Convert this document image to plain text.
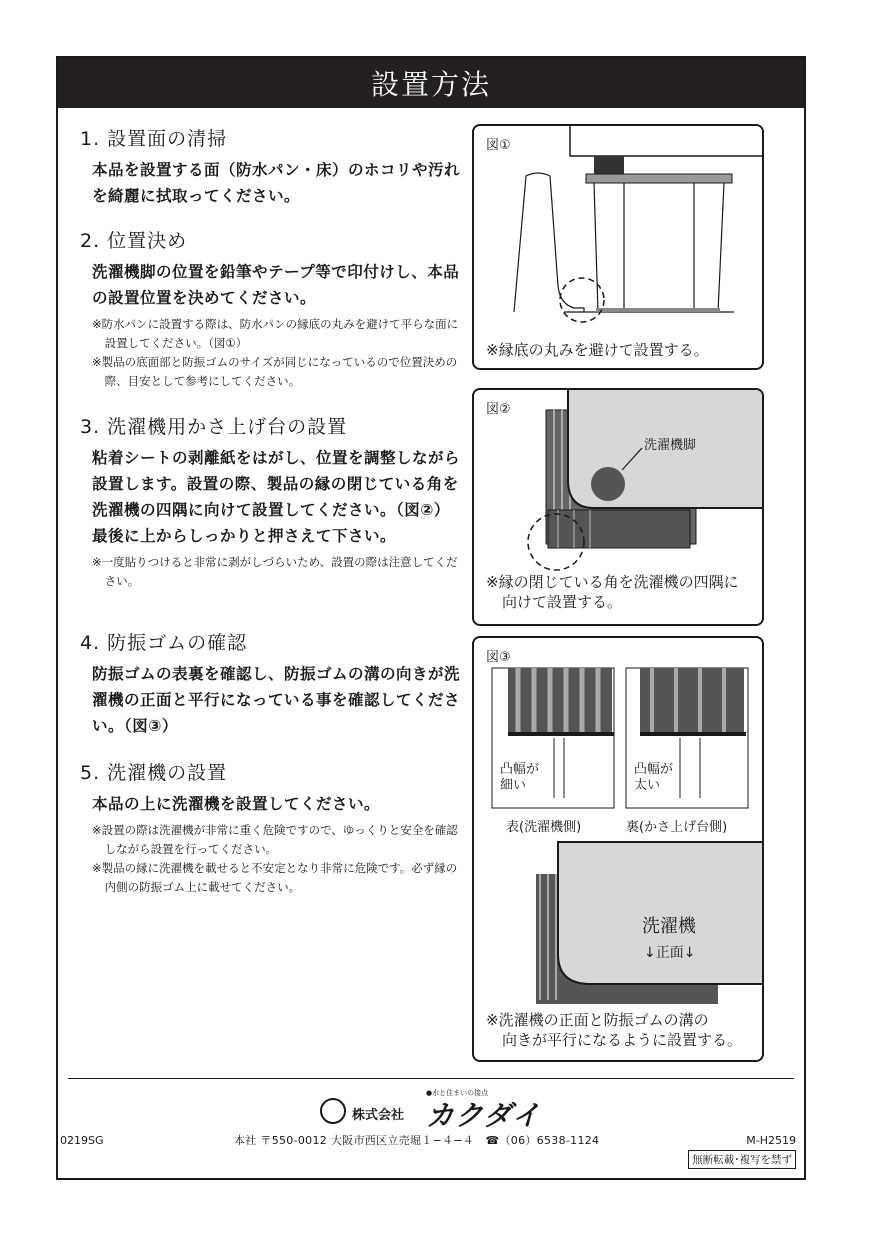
設置方法
1. 設置面の清掃

本品を設置する面（防水パン・床）のホコリや汚れを綺麗に拭取ってください。

2. 位置決め

洗濯機脚の位置を鉛筆やテープ等で印付けし、本品の設置位置を決めてください。

※防水パンに設置する際は、防水パンの縁底の丸みを避けて平らな面に設置してください。（図①）

※製品の底面部と防振ゴムのサイズが同じになっているので位置決めの際、目安として参考にしてください。

3. 洗濯機用かさ上げ台の設置

粘着シートの剥離紙をはがし、位置を調整しながら設置します。設置の際、製品の縁の閉じている角を洗濯機の四隅に向けて設置してください。（図②）

最後に上からしっかりと押さえて下さい。

※一度貼りつけると非常に剥がしづらいため、設置の際は注意してください。

4. 防振ゴムの確認

防振ゴムの表裏を確認し、防振ゴムの溝の向きが洗濯機の正面と平行になっている事を確認してください。（図③）

5. 洗濯機の設置

本品の上に洗濯機を設置してください。

※設置の際は洗濯機が非常に重く危険ですので、ゆっくりと安全を確認しながら設置を行ってください。

※製品の縁に洗濯機を載せると不安定となり非常に危険です。必ず縁の内側の防振ゴム上に載せてください。

図①
※縁底の丸みを避けて設置する。
図②
洗濯機脚
※縁の閉じている角を洗濯機の四隅に
向けて設置する。
図③
凸幅が
細い
凸幅が
太い
表(洗濯機側)	裏(かさ上げ台側)
洗濯機
↓正面↓
※洗濯機の正面と防振ゴムの溝の
向きが平行になるように設置する。
●水と住まいの接点
株式会社 カクダイ
0219SG	本社 〒550-0012 大阪市西区立売堀１−４−４　☎（06）6538-1124	M-H2519
無断転載･複写を禁ず
